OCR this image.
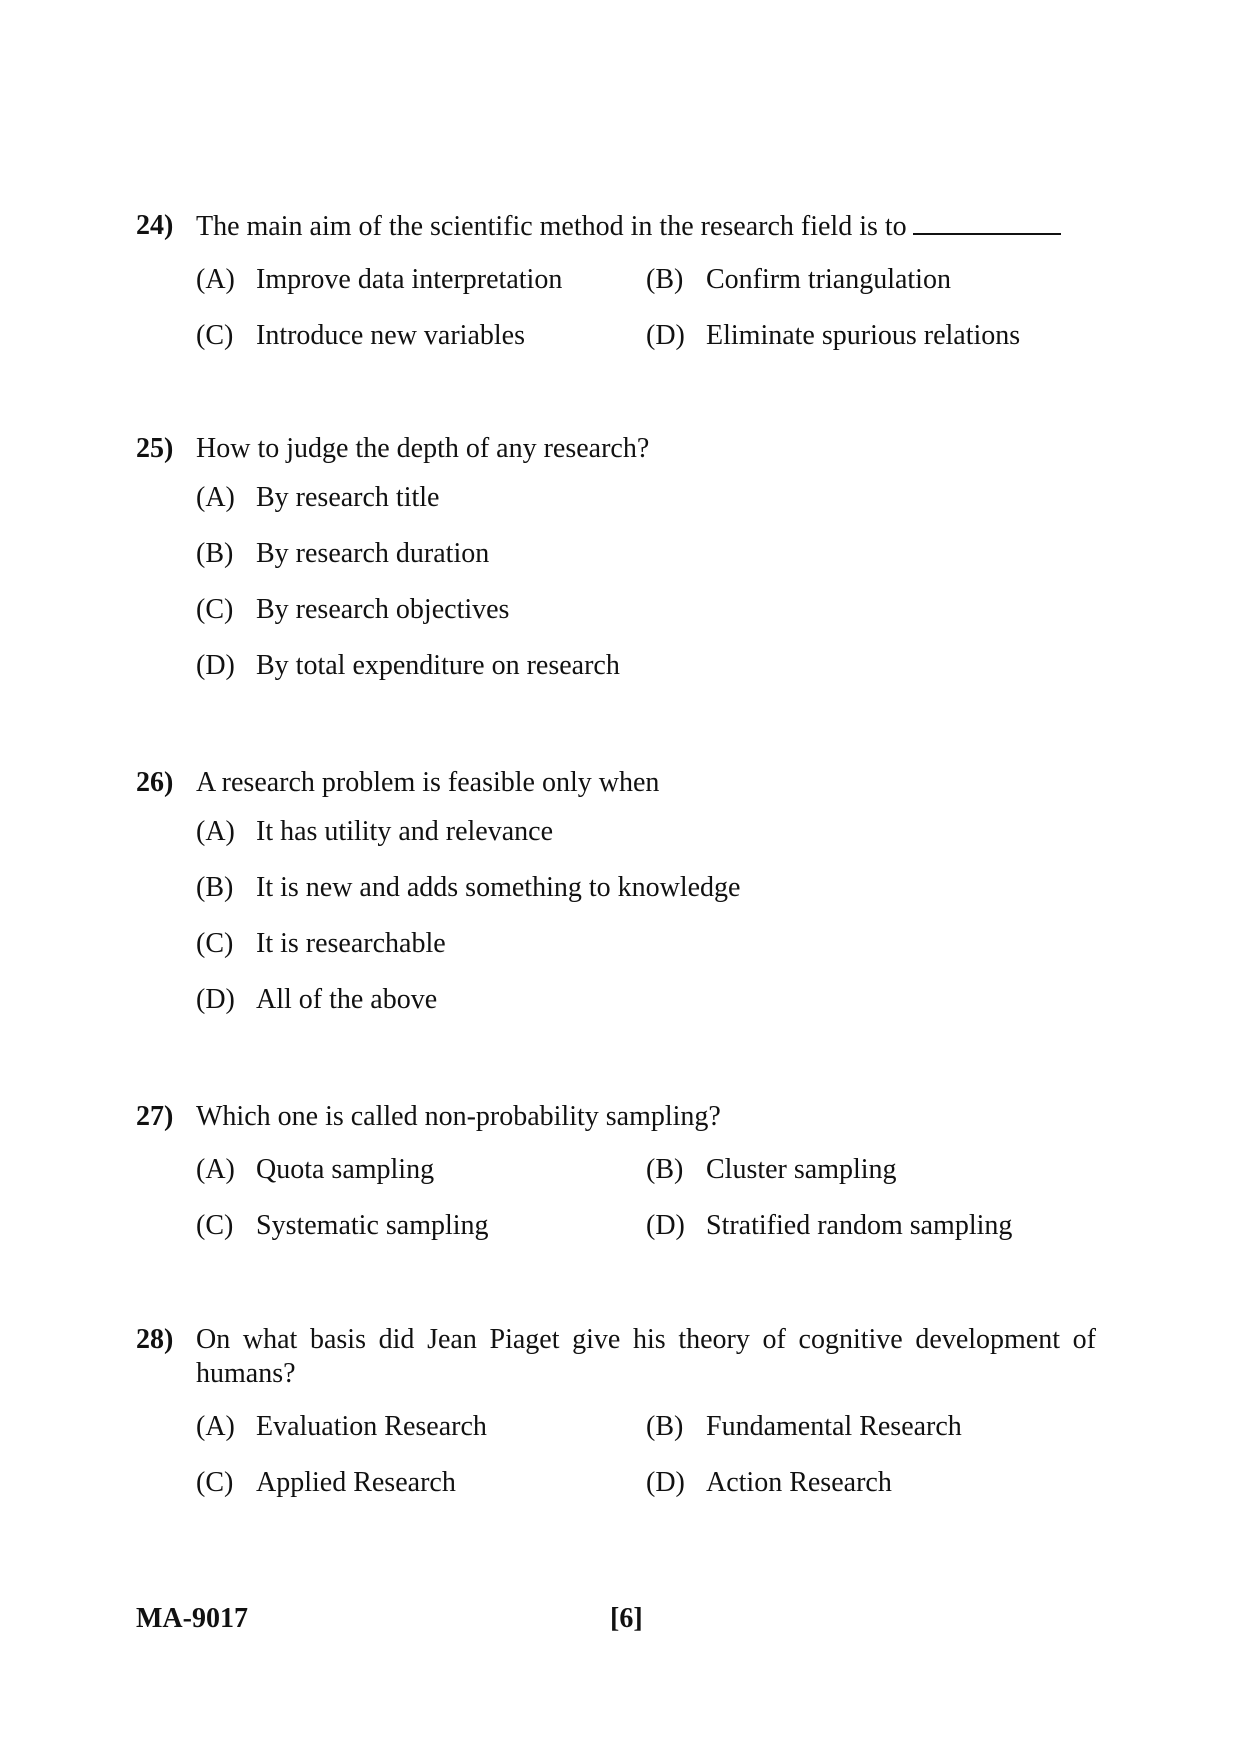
24) The main aim of the scientific method in the research field is to
(A) Improve data interpretation	(B) Confirm triangulation
(C) Introduce new variables	(D) Eliminate spurious relations
25) How to judge the depth of any research?
(A) By research title
(B) By research duration
(C) By research objectives
(D) By total expenditure on research
26) A research problem is feasible only when
(A) It has utility and relevance
(B) It is new and adds something to knowledge
(C) It is researchable
(D) All of the above
27) Which one is called non-probability sampling?
(A) Quota sampling	(B) Cluster sampling
(C) Systematic sampling	(D) Stratified random sampling
28) On what basis did Jean Piaget give his theory of cognitive development of humans?
(A) Evaluation Research	(B) Fundamental Research
(C) Applied Research	(D) Action Research
MA-9017	[6]
